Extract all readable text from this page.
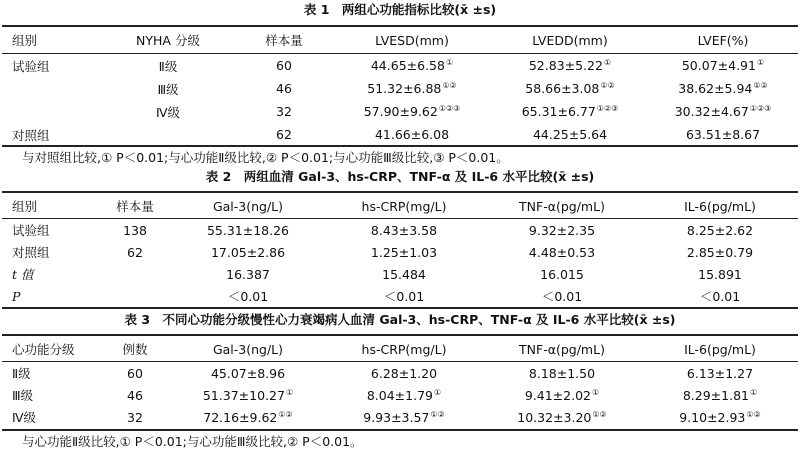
表 1　两组心功能指标比较(x̄ ±s)
组别	NYHA 分级	样本量	LVESD(mm)	LVEDD(mm)	LVEF(%)

试验组	Ⅱ级	60	44.65±6.58①	52.83±5.22①	50.07±4.91①
	Ⅲ级	46	51.32±6.88①②	58.66±3.08①②	38.62±5.94①②
	Ⅳ级	32	57.90±9.62①②③	65.31±6.77①②③	30.32±4.67①②③
对照组		62	41.66±6.08	44.25±5.64	63.51±8.67
与对照组比较,① P＜0.01;与心功能Ⅱ级比较,② P＜0.01;与心功能Ⅲ级比较,③ P＜0.01。
表 2　两组血清 Gal-3、hs-CRP、TNF-α 及 IL-6 水平比较(x̄ ±s)
组别	样本量	Gal-3(ng/L)	hs-CRP(mg/L)	TNF-α(pg/mL)	IL-6(pg/mL)
试验组	138	55.31±18.26	8.43±3.58	9.32±2.35	8.25±2.62
对照组	62	17.05±2.86	1.25±1.03	4.48±0.53	2.85±0.79
t 值		16.387	15.484	16.015	15.891
P		＜0.01	＜0.01	＜0.01	＜0.01
表 3　不同心功能分级慢性心力衰竭病人血清 Gal-3、hs-CRP、TNF-α 及 IL-6 水平比较(x̄ ±s)
心功能分级	例数	Gal-3(ng/L)	hs-CRP(mg/L)	TNF-α(pg/mL)	IL-6(pg/mL)
Ⅱ级	60	45.07±8.96	6.28±1.20	8.18±1.50	6.13±1.27
Ⅲ级	46	51.37±10.27①	8.04±1.79①	9.41±2.02①	8.29±1.81①
Ⅳ级	32	72.16±9.62①②	9.93±3.57①②	10.32±3.20①②	9.10±2.93①②
与心功能Ⅱ级比较,① P＜0.01;与心功能Ⅲ级比较,② P＜0.01。
